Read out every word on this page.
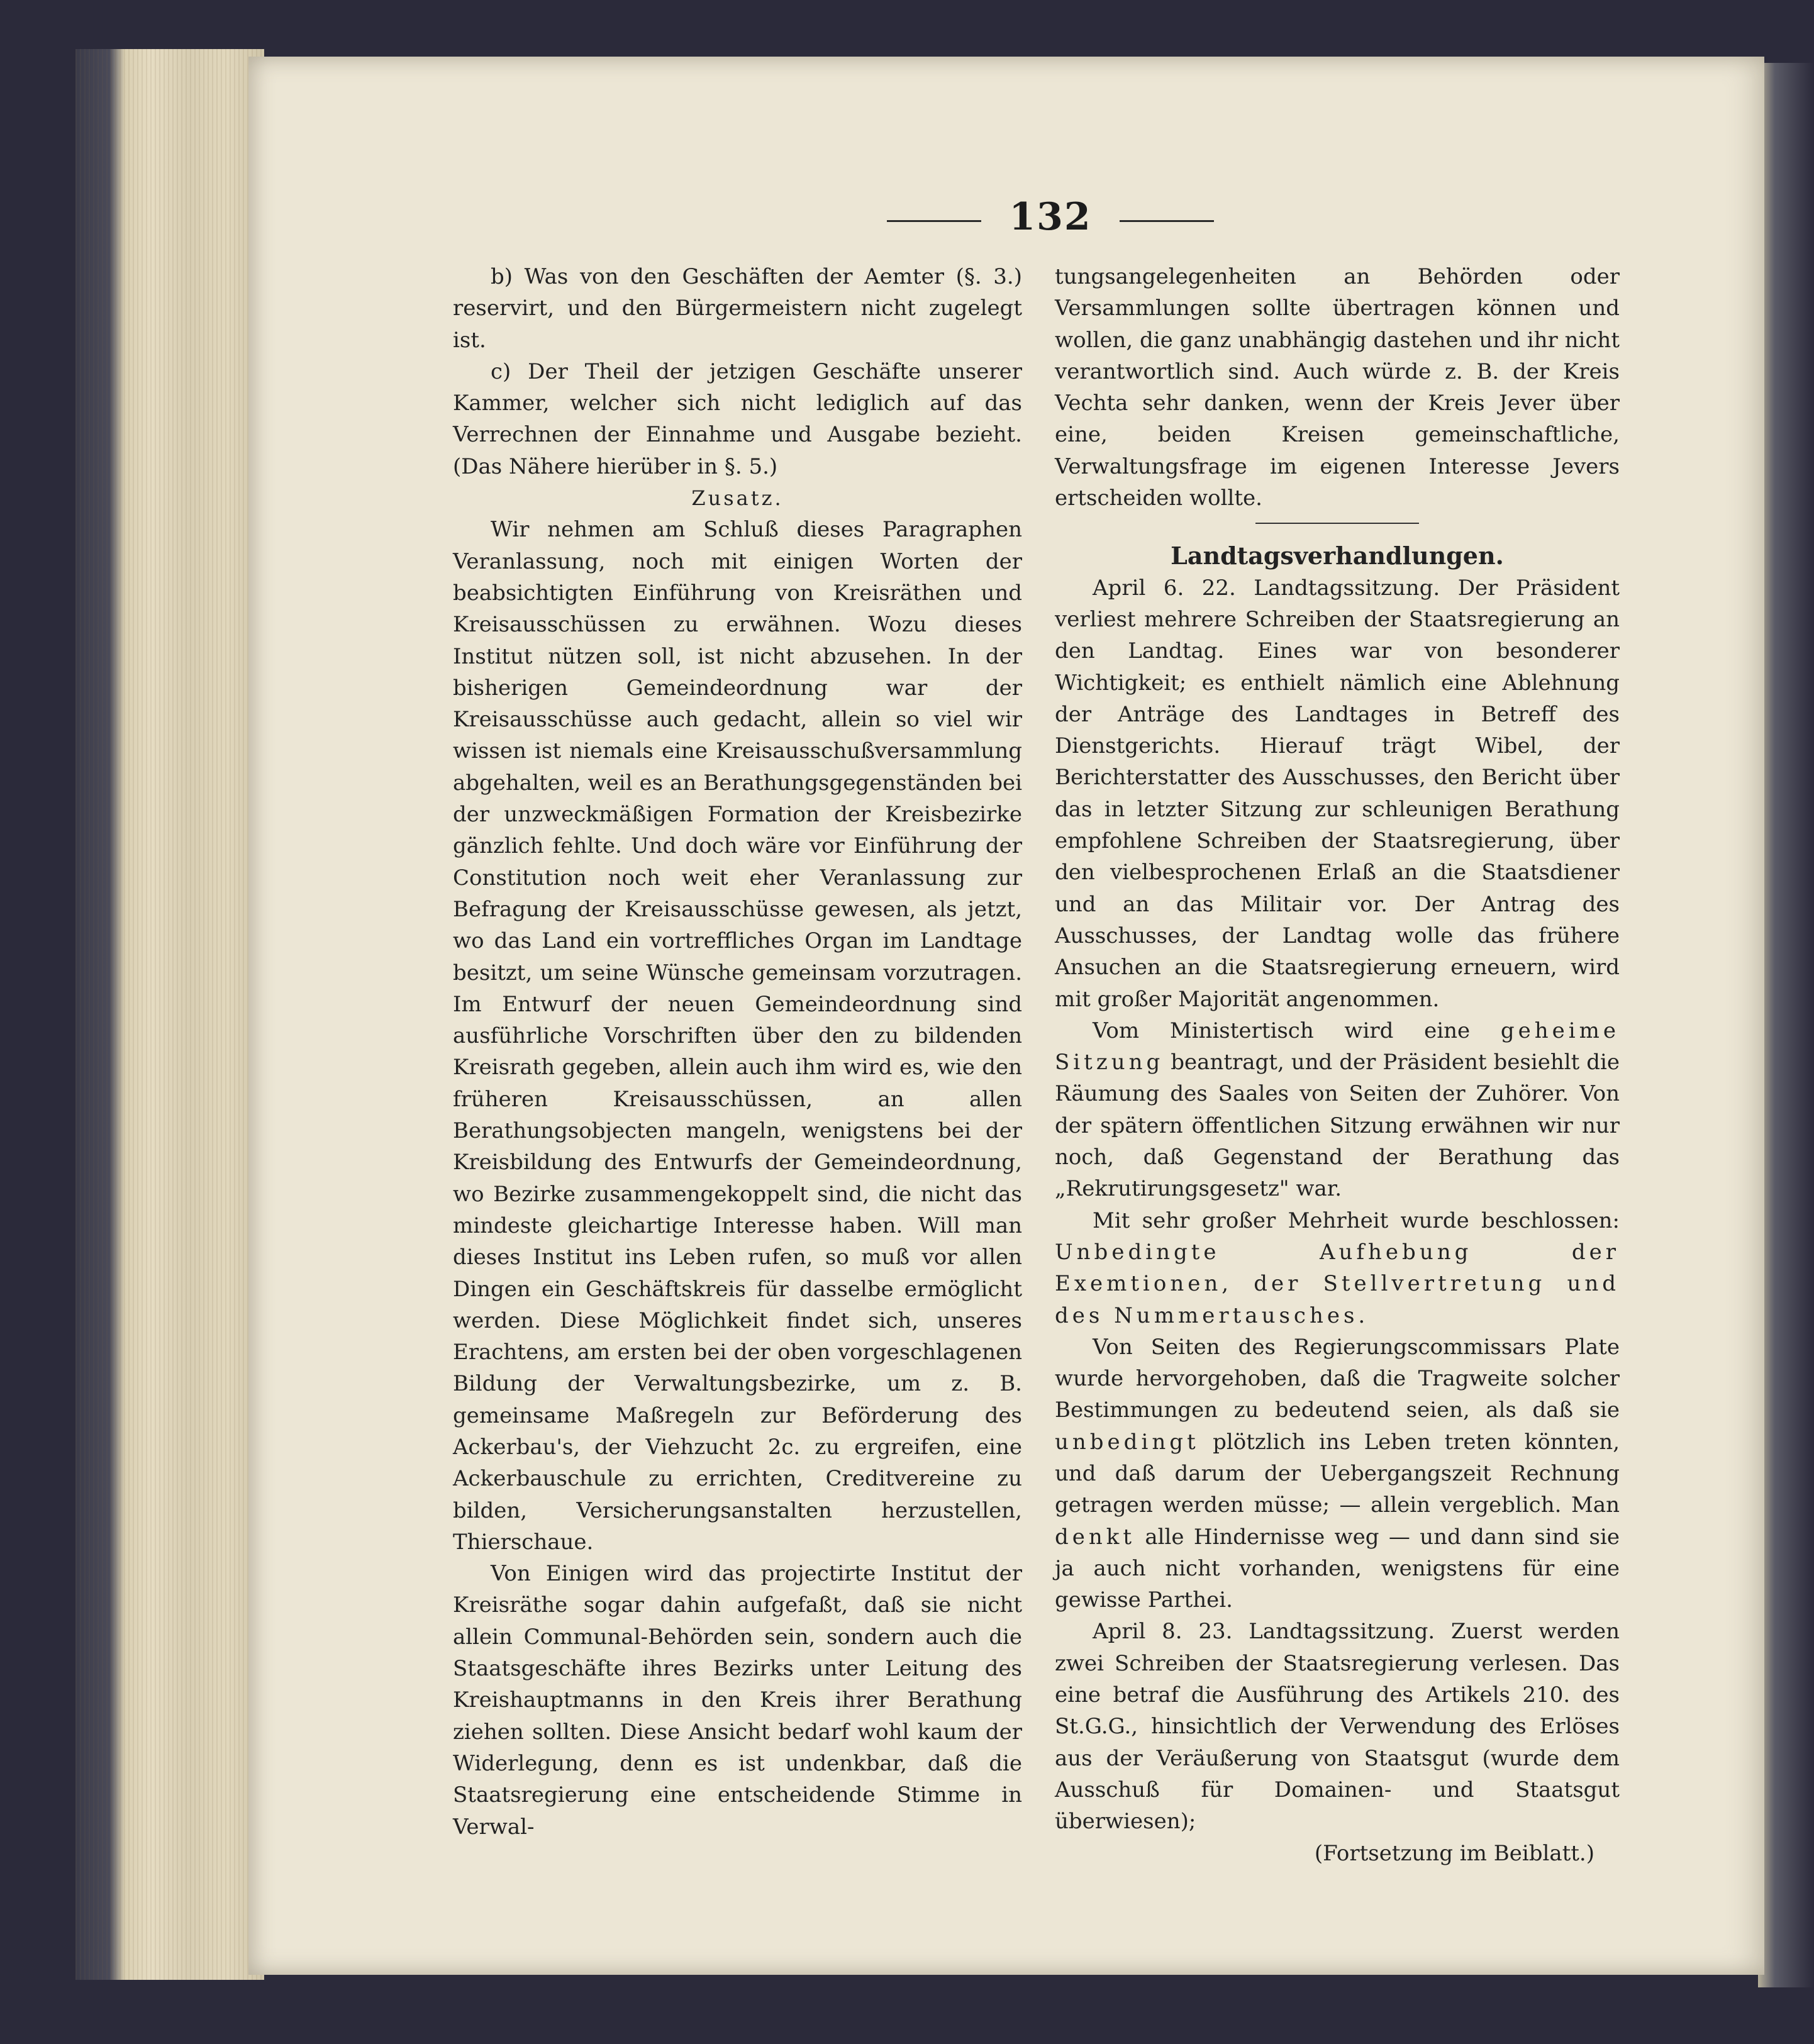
132

b) Was von den Geschäften der Aemter (§. 3.) reservirt, und den Bürgermeistern nicht zugelegt ist.

c) Der Theil der jetzigen Geschäfte unserer Kammer, welcher sich nicht lediglich auf das Verrechnen der Einnahme und Ausgabe bezieht. (Das Nähere hierüber in §. 5.)

Zusatz.

Wir nehmen am Schluß dieses Paragraphen Veranlassung, noch mit einigen Worten der beabsichtigten Einführung von Kreisräthen und Kreisausschüssen zu erwähnen. Wozu dieses Institut nützen soll, ist nicht abzusehen. In der bisherigen Gemeindeordnung war der Kreisausschüsse auch gedacht, allein so viel wir wissen ist niemals eine Kreisausschußversammlung abgehalten, weil es an Berathungsgegenständen bei der unzweckmäßigen Formation der Kreisbezirke gänzlich fehlte. Und doch wäre vor Einführung der Constitution noch weit eher Veranlassung zur Befragung der Kreisausschüsse gewesen, als jetzt, wo das Land ein vortreffliches Organ im Landtage besitzt, um seine Wünsche gemeinsam vorzutragen. Im Entwurf der neuen Gemeindeordnung sind ausführliche Vorschriften über den zu bildenden Kreisrath gegeben, allein auch ihm wird es, wie den früheren Kreisausschüssen, an allen Berathungsobjecten mangeln, wenigstens bei der Kreisbildung des Entwurfs der Gemeindeordnung, wo Bezirke zusammengekoppelt sind, die nicht das mindeste gleichartige Interesse haben. Will man dieses Institut ins Leben rufen, so muß vor allen Dingen ein Geschäftskreis für dasselbe ermöglicht werden. Diese Möglichkeit findet sich, unseres Erachtens, am ersten bei der oben vorgeschlagenen Bildung der Verwaltungsbezirke, um z. B. gemeinsame Maßregeln zur Beförderung des Ackerbau's, der Viehzucht 2c. zu ergreifen, eine Ackerbauschule zu errichten, Creditvereine zu bilden, Versicherungsanstalten herzustellen, Thierschaue.

Von Einigen wird das projectirte Institut der Kreisräthe sogar dahin aufgefaßt, daß sie nicht allein Communal-Behörden sein, sondern auch die Staatsgeschäfte ihres Bezirks unter Leitung des Kreishauptmanns in den Kreis ihrer Berathung ziehen sollten. Diese Ansicht bedarf wohl kaum der Widerlegung, denn es ist undenkbar, daß die Staatsregierung eine entscheidende Stimme in Verwal-

tungsangelegenheiten an Behörden oder Versammlungen sollte übertragen können und wollen, die ganz unabhängig dastehen und ihr nicht verantwortlich sind. Auch würde z. B. der Kreis Vechta sehr danken, wenn der Kreis Jever über eine, beiden Kreisen gemeinschaftliche, Verwaltungsfrage im eigenen Interesse Jevers ertscheiden wollte.

Landtagsverhandlungen.

April 6. 22. Landtagssitzung. Der Präsident verliest mehrere Schreiben der Staatsregierung an den Landtag. Eines war von besonderer Wichtigkeit; es enthielt nämlich eine Ablehnung der Anträge des Landtages in Betreff des Dienstgerichts. Hierauf trägt Wibel, der Berichterstatter des Ausschusses, den Bericht über das in letzter Sitzung zur schleunigen Berathung empfohlene Schreiben der Staatsregierung, über den vielbesprochenen Erlaß an die Staatsdiener und an das Militair vor. Der Antrag des Ausschusses, der Landtag wolle das frühere Ansuchen an die Staatsregierung erneuern, wird mit großer Majorität angenommen.

Vom Ministertisch wird eine geheime Sitzung beantragt, und der Präsident besiehlt die Räumung des Saales von Seiten der Zuhörer. Von der spätern öffentlichen Sitzung erwähnen wir nur noch, daß Gegenstand der Berathung das „Rekrutirungsgesetz" war.

Mit sehr großer Mehrheit wurde beschlossen: Unbedingte Aufhebung der Exemtionen, der Stellvertretung und des Nummertausches.

Von Seiten des Regierungscommissars Plate wurde hervorgehoben, daß die Tragweite solcher Bestimmungen zu bedeutend seien, als daß sie unbedingt plötzlich ins Leben treten könnten, und daß darum der Uebergangszeit Rechnung getragen werden müsse; — allein vergeblich. Man denkt alle Hindernisse weg — und dann sind sie ja auch nicht vorhanden, wenigstens für eine gewisse Parthei.

April 8. 23. Landtagssitzung. Zuerst werden zwei Schreiben der Staatsregierung verlesen. Das eine betraf die Ausführung des Artikels 210. des St.G.G., hinsichtlich der Verwendung des Erlöses aus der Veräußerung von Staatsgut (wurde dem Ausschuß für Domainen- und Staatsgut überwiesen);

(Fortsetzung im Beiblatt.)
